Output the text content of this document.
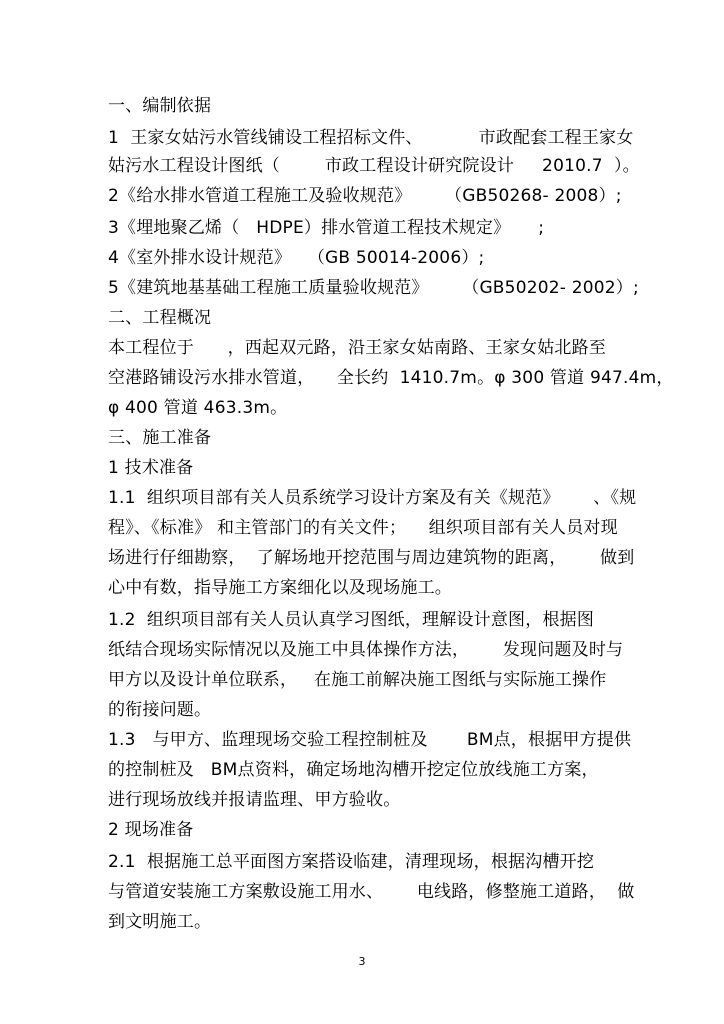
一、编制依据
1  王家女姑污水管线铺设工程招标文件、          市政配套工程王家女
姑污水工程设计图纸（        市政工程设计研究院设计     2010.7  ）。
2《给水排水管道工程施工及验收规范》      （GB50268- 2008）;
3《埋地聚乙烯（   HDPE）排水管道工程技术规定》     ;
4《室外排水设计规范》   （GB 50014-2006）;
5《建筑地基基础工程施工质量验收规范》      （GB50202- 2002）;
二、工程概况
本工程位于      ，西起双元路，沿王家女姑南路、王家女姑北路至
空港路铺设污水排水管道，    全长约  1410.7m。φ 300 管道 947.4m，
φ 400 管道 463.3m。
三、施工准备
1 技术准备
1.1  组织项目部有关人员系统学习设计方案及有关《规范》      、《规
程》、《标准》 和主管部门的有关文件；    组织项目部有关人员对现
场进行仔细勘察，  了解场地开挖范围与周边建筑物的距离，      做到
心中有数，指导施工方案细化以及现场施工。
1.2  组织项目部有关人员认真学习图纸，理解设计意图，根据图
纸结合现场实际情况以及施工中具体操作方法，      发现问题及时与
甲方以及设计单位联系，   在施工前解决施工图纸与实际施工操作
的衔接问题。
1.3   与甲方、监理现场交验工程控制桩及       BM点，根据甲方提供
的控制桩及   BM点资料，确定场地沟槽开挖定位放线施工方案，
进行现场放线并报请监理、甲方验收。
2 现场准备
2.1  根据施工总平面图方案搭设临建，清理现场，根据沟槽开挖
与管道安装施工方案敷设施工用水、      电线路，修整施工道路，  做
到文明施工。
3
